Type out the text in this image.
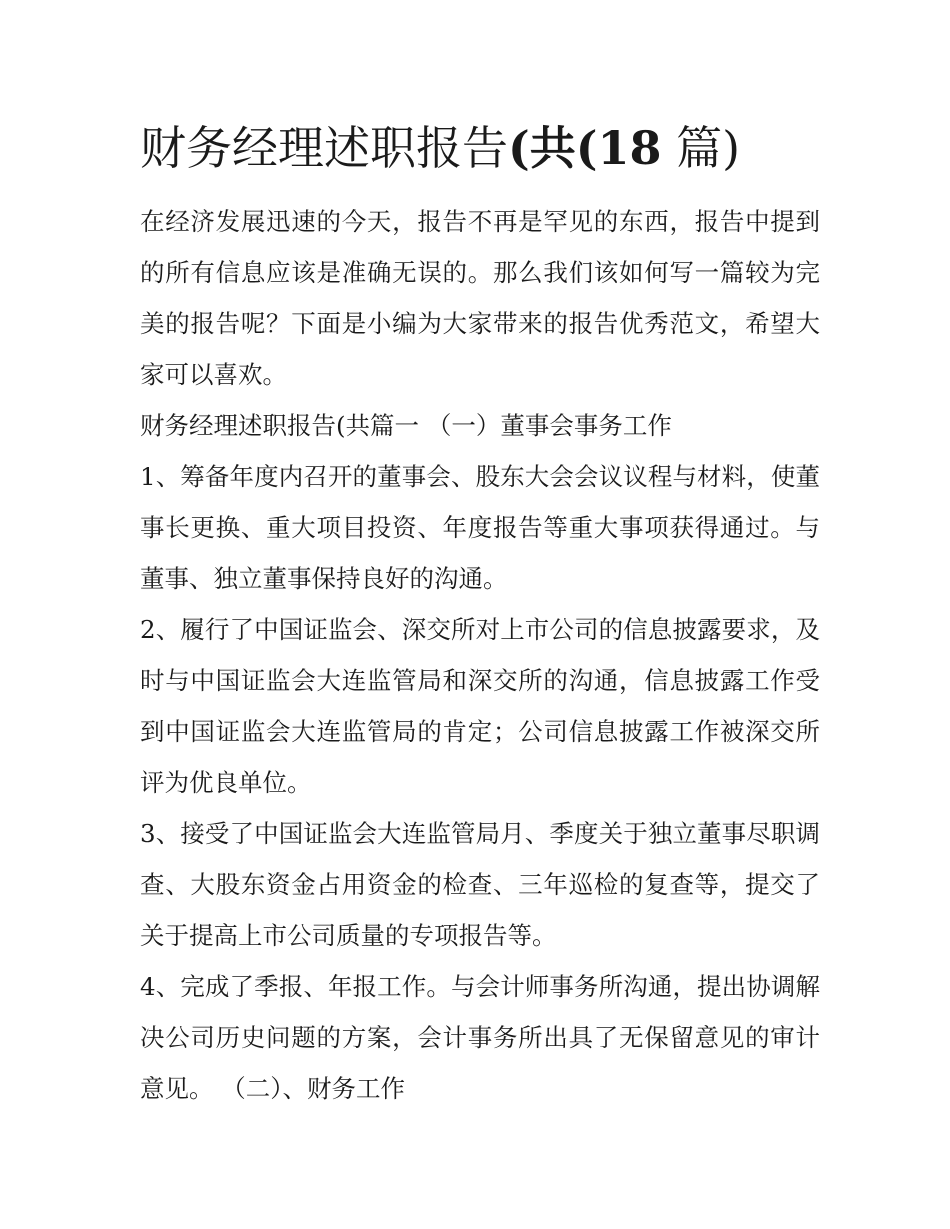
财务经理述职报告(共(18 篇)

在经济发展迅速的今天，报告不再是罕见的东西，报告中提到的所有信息应该是准确无误的。那么我们该如何写一篇较为完美的报告呢？下面是小编为大家带来的报告优秀范文，希望大家可以喜欢。

财务经理述职报告(共篇一 （一）董事会事务工作

1、筹备年度内召开的董事会、股东大会会议议程与材料，使董事长更换、重大项目投资、年度报告等重大事项获得通过。与董事、独立董事保持良好的沟通。

2、履行了中国证监会、深交所对上市公司的信息披露要求，及时与中国证监会大连监管局和深交所的沟通，信息披露工作受到中国证监会大连监管局的肯定；公司信息披露工作被深交所评为优良单位。

3、接受了中国证监会大连监管局月、季度关于独立董事尽职调查、大股东资金占用资金的检查、三年巡检的复查等，提交了关于提高上市公司质量的专项报告等。

4、完成了季报、年报工作。与会计师事务所沟通，提出协调解决公司历史问题的方案，会计事务所出具了无保留意见的审计意见。 （二）、财务工作
